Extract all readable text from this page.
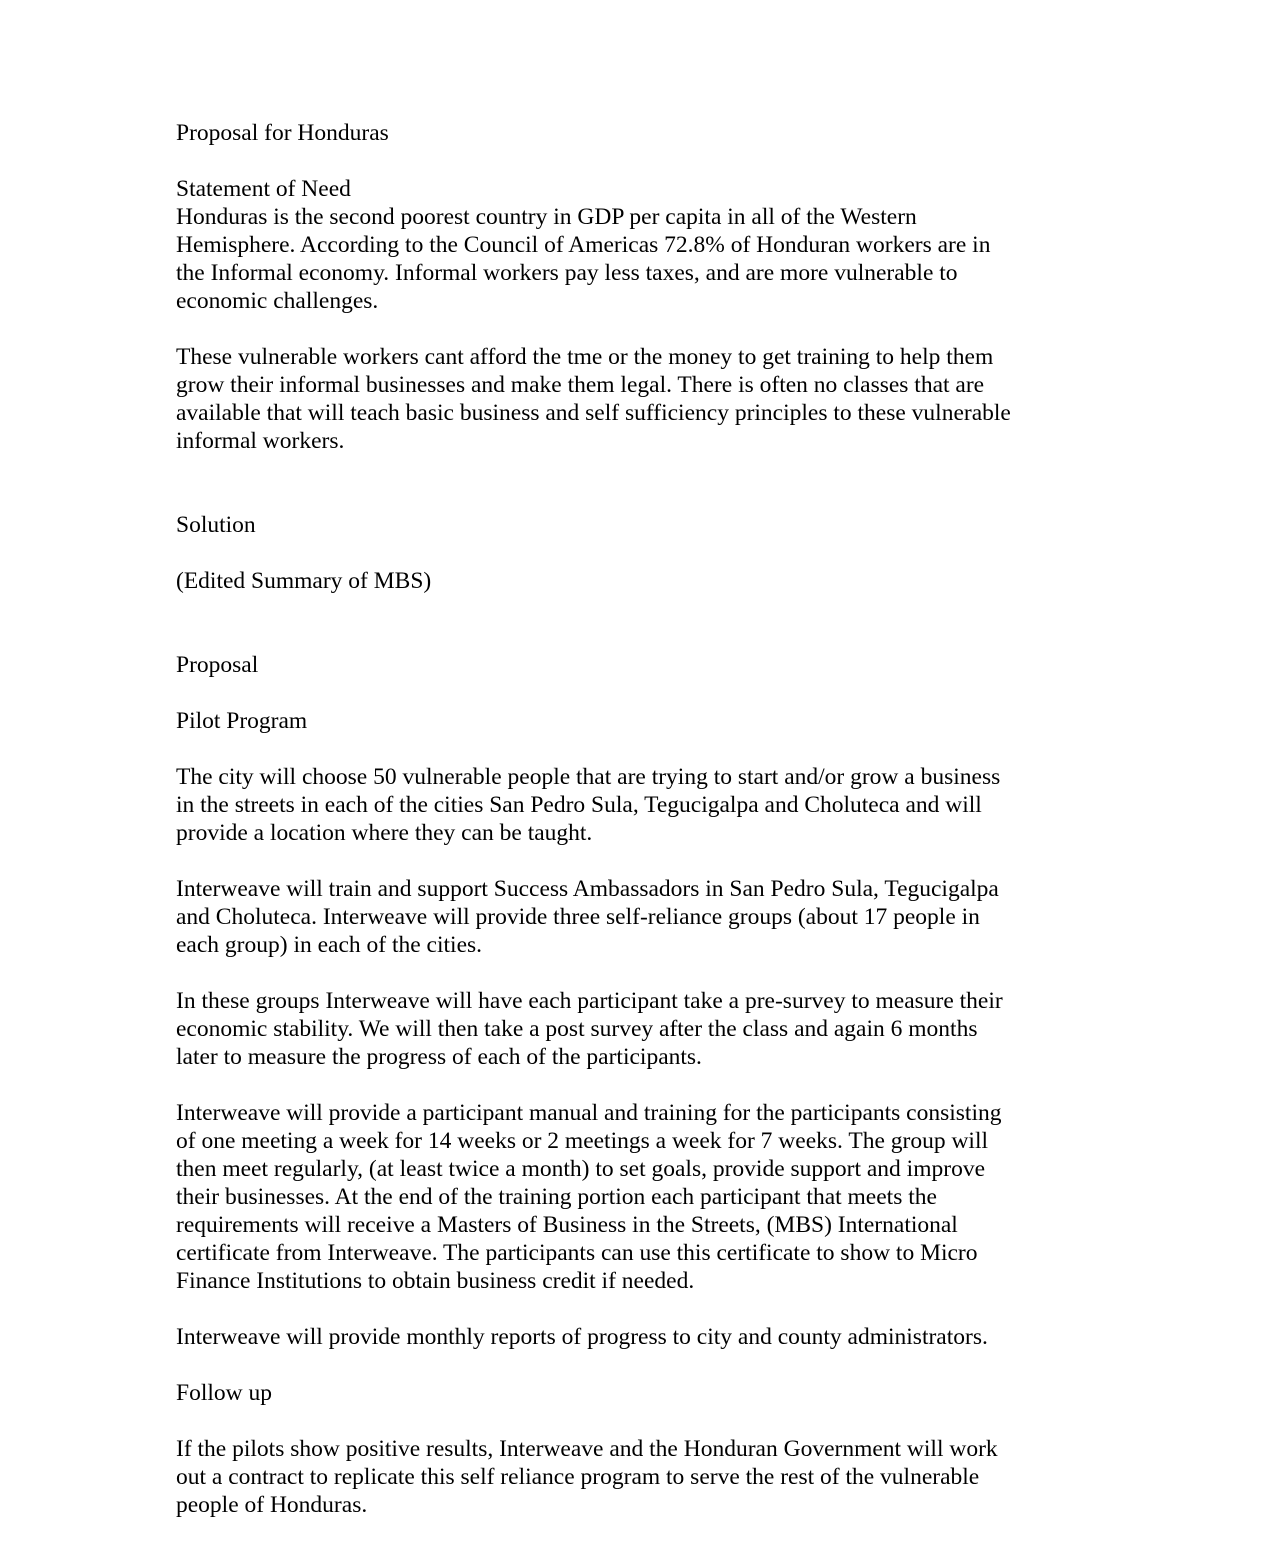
Proposal for Honduras

Statement of Need

Honduras is the second poorest country in GDP per capita in all of the Western
Hemisphere. According to the Council of Americas 72.8% of Honduran workers are in
the Informal economy. Informal workers pay less taxes, and are more vulnerable to
economic challenges.

These vulnerable workers cant afford the tme or the money to get training to help them
grow their informal businesses and make them legal. There is often no classes that are
available that will teach basic business and self sufficiency principles to these vulnerable
informal workers.

Solution

(Edited Summary of MBS)

Proposal

Pilot Program

The city will choose 50 vulnerable people that are trying to start and/or grow a business
in the streets in each of the cities San Pedro Sula, Tegucigalpa and Choluteca and will
provide a location where they can be taught.

Interweave will train and support Success Ambassadors in San Pedro Sula, Tegucigalpa
and Choluteca. Interweave will provide three self-reliance groups (about 17 people in
each group) in each of the cities.

In these groups Interweave will have each participant take a pre-survey to measure their
economic stability. We will then take a post survey after the class and again 6 months
later to measure the progress of each of the participants.

Interweave will provide a participant manual and training for the participants consisting
of one meeting a week for 14 weeks or 2 meetings a week for 7 weeks. The group will
then meet regularly, (at least twice a month) to set goals, provide support and improve
their businesses. At the end of the training portion each participant that meets the
requirements will receive a Masters of Business in the Streets, (MBS) International
certificate from Interweave. The participants can use this certificate to show to Micro
Finance Institutions to obtain business credit if needed.

Interweave will provide monthly reports of progress to city and county administrators.

Follow up

If the pilots show positive results, Interweave and the Honduran Government will work
out a contract to replicate this self reliance program to serve the rest of the vulnerable
people of Honduras.
